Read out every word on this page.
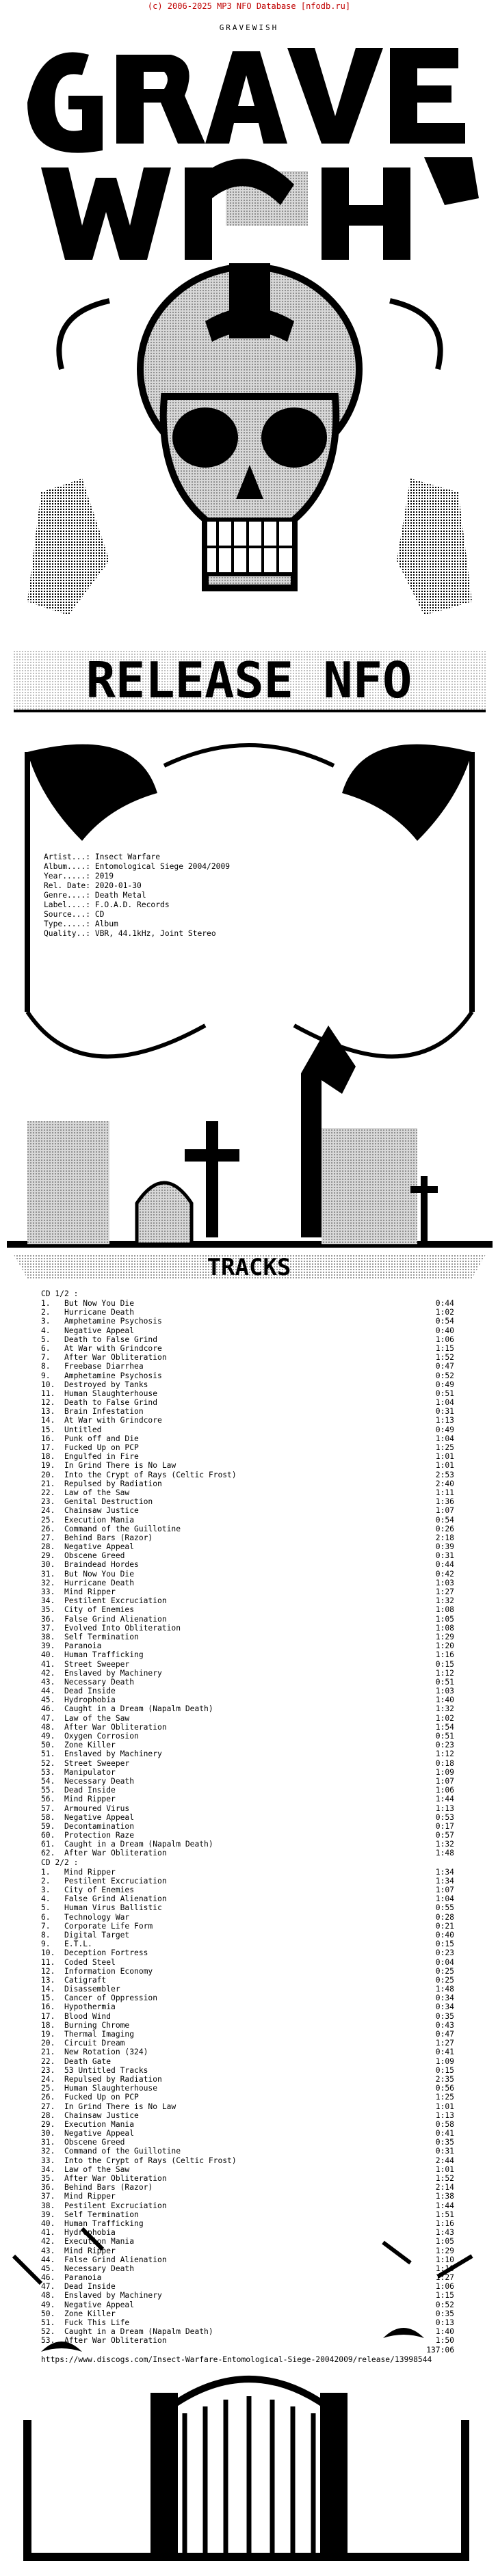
(c) 2006-2025 MP3 NFO Database [nfodb.ru]
GRAVEWISH
RELEASE NFO
TRACKS
Artist...: Insect Warfare
Album....: Entomological Siege 2004/2009
Year.....: 2019
Rel. Date: 2020-01-30
Genre....: Death Metal
Label....: F.O.A.D. Records
Source...: CD
Type.....: Album
Quality..: VBR, 44.1kHz, Joint Stereo
CD 1/2 :
1.   But Now You Die	0:44
2.   Hurricane Death	1:02
3.   Amphetamine Psychosis	0:54
4.   Negative Appeal	0:40
5.   Death to False Grind	1:06
6.   At War with Grindcore	1:15
7.   After War Obliteration	1:52
8.   Freebase Diarrhea	0:47
9.   Amphetamine Psychosis	0:52
10.  Destroyed by Tanks	0:49
11.  Human Slaughterhouse	0:51
12.  Death to False Grind	1:04
13.  Brain Infestation	0:31
14.  At War with Grindcore	1:13
15.  Untitled	0:49
16.  Punk off and Die	1:04
17.  Fucked Up on PCP	1:25
18.  Engulfed in Fire	1:01
19.  In Grind There is No Law	1:01
20.  Into the Crypt of Rays (Celtic Frost)	2:53
21.  Repulsed by Radiation	2:40
22.  Law of the Saw	1:11
23.  Genital Destruction	1:36
24.  Chainsaw Justice	1:07
25.  Execution Mania	0:54
26.  Command of the Guillotine	0:26
27.  Behind Bars (Razor)	2:18
28.  Negative Appeal	0:39
29.  Obscene Greed	0:31
30.  Braindead Hordes	0:44
31.  But Now You Die	0:42
32.  Hurricane Death	1:03
33.  Mind Ripper	1:27
34.  Pestilent Excruciation	1:32
35.  City of Enemies	1:08
36.  False Grind Alienation	1:05
37.  Evolved Into Obliteration	1:08
38.  Self Termination	1:29
39.  Paranoia	1:20
40.  Human Trafficking	1:16
41.  Street Sweeper	0:15
42.  Enslaved by Machinery	1:12
43.  Necessary Death	0:51
44.  Dead Inside	1:03
45.  Hydrophobia	1:40
46.  Caught in a Dream (Napalm Death)	1:32
47.  Law of the Saw	1:02
48.  After War Obliteration	1:54
49.  Oxygen Corrosion	0:51
50.  Zone Killer	0:23
51.  Enslaved by Machinery	1:12
52.  Street Sweeper	0:18
53.  Manipulator	1:09
54.  Necessary Death	1:07
55.  Dead Inside	1:06
56.  Mind Ripper	1:44
57.  Armoured Virus	1:13
58.  Negative Appeal	0:53
59.  Decontamination	0:17
60.  Protection Raze	0:57
61.  Caught in a Dream (Napalm Death)	1:32
62.  After War Obliteration	1:48
CD 2/2 :
1.   Mind Ripper	1:34
2.   Pestilent Excruciation	1:34
3.   City of Enemies	1:07
4.   False Grind Alienation	1:04
5.   Human Virus Ballistic	0:55
6.   Technology War	0:28
7.   Corporate Life Form	0:21
8.   Digital Target	0:40
9.   E.T.L.	0:15
10.  Deception Fortress	0:23
11.  Coded Steel	0:04
12.  Information Economy	0:25
13.  Catigraft	0:25
14.  Disassembler	1:48
15.  Cancer of Oppression	0:34
16.  Hypothermia	0:34
17.  Blood Wind	0:35
18.  Burning Chrome	0:43
19.  Thermal Imaging	0:47
20.  Circuit Dream	1:27
21.  New Rotation (324)	0:41
22.  Death Gate	1:09
23.  53 Untitled Tracks	0:15
24.  Repulsed by Radiation	2:35
25.  Human Slaughterhouse	0:56
26.  Fucked Up on PCP	1:25
27.  In Grind There is No Law	1:01
28.  Chainsaw Justice	1:13
29.  Execution Mania	0:58
30.  Negative Appeal	0:41
31.  Obscene Greed	0:35
32.  Command of the Guillotine	0:31
33.  Into the Crypt of Rays (Celtic Frost)	2:44
34.  Law of the Saw	1:01
35.  After War Obliteration	1:52
36.  Behind Bars (Razor)	2:14
37.  Mind Ripper	1:38
38.  Pestilent Excruciation	1:44
39.  Self Termination	1:51
40.  Human Trafficking	1:16
41.  Hydrophobia	1:43
42.  Execution Mania	1:05
43.  Mind Ripper	1:29
44.  False Grind Alienation	1:10
45.  Necessary Death	1:10
46.  Paranoia	1:27
47.  Dead Inside	1:06
48.  Enslaved by Machinery	1:15
49.  Negative Appeal	0:52
50.  Zone Killer	0:35
51.  Fuck This Life	0:13
52.  Caught in a Dream (Napalm Death)	1:40
53.  After War Obliteration	1:50
137:06
https://www.discogs.com/Insect-Warfare-Entomological-Siege-20042009/release/13998544
